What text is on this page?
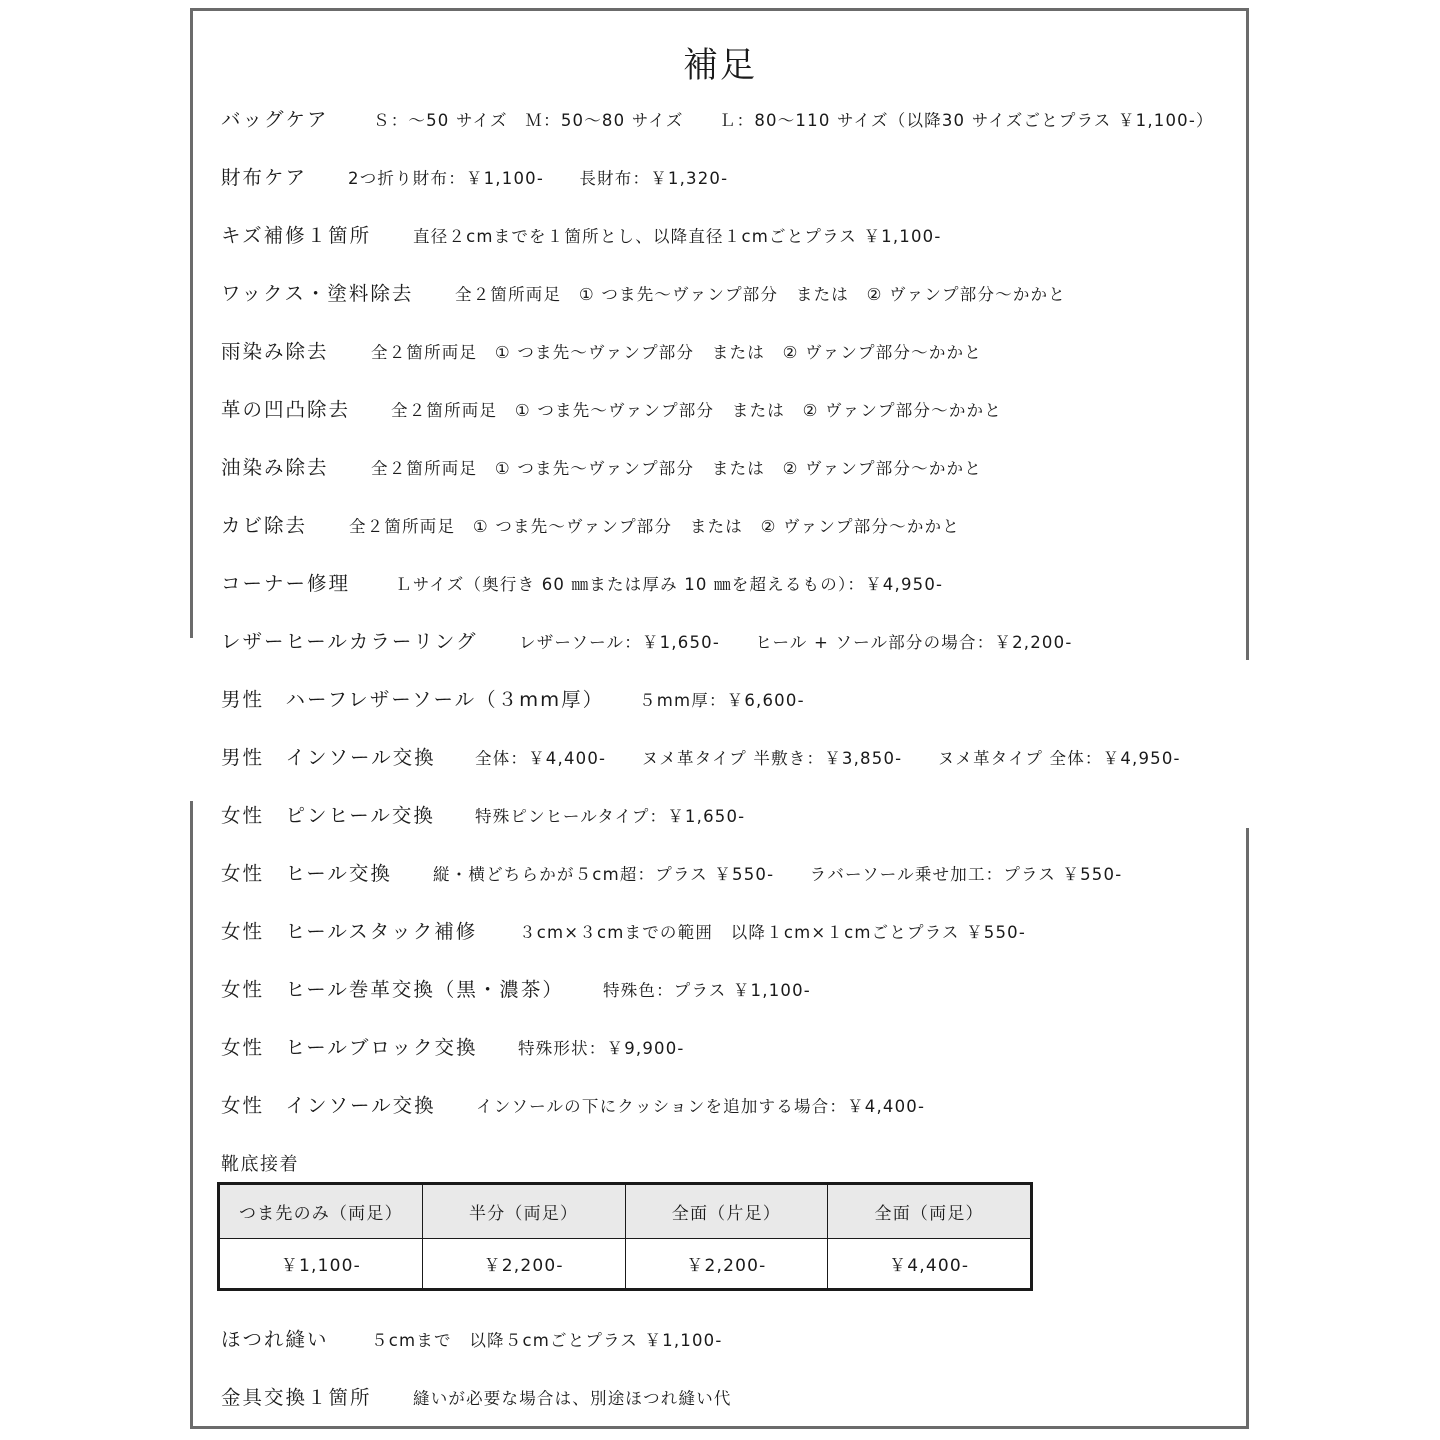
補足
バッグケア	Ｓ：～50 サイズ　Ｍ：50～80 サイズ　　Ｌ：80～110 サイズ（以降30 サイズごとプラス ￥1,100-）
財布ケア	2つ折り財布：￥1,100-　　長財布：￥1,320-
キズ補修１箇所	直径２cmまでを１箇所とし、以降直径１cmごとプラス ￥1,100-
ワックス・塗料除去	全２箇所両足　① つま先～ヴァンプ部分　または　② ヴァンプ部分～かかと
雨染み除去	全２箇所両足　① つま先～ヴァンプ部分　または　② ヴァンプ部分～かかと
革の凹凸除去	全２箇所両足　① つま先～ヴァンプ部分　または　② ヴァンプ部分～かかと
油染み除去	全２箇所両足　① つま先～ヴァンプ部分　または　② ヴァンプ部分～かかと
カビ除去	全２箇所両足　① つま先～ヴァンプ部分　または　② ヴァンプ部分～かかと
コーナー修理	Ｌサイズ（奥行き 60 ㎜または厚み 10 ㎜を超えるもの）：￥4,950-
レザーヒールカラーリング	レザーソール：￥1,650-　　ヒール + ソール部分の場合：￥2,200-
男性　ハーフレザーソール（３mm厚）	５mm厚：￥6,600-
男性　インソール交換	全体：￥4,400-　　ヌメ革タイプ 半敷き：￥3,850-　　ヌメ革タイプ 全体：￥4,950-
女性　ピンヒール交換	特殊ピンヒールタイプ：￥1,650-
女性　ヒール交換	縦・横どちらかが５cm超：プラス ￥550-　　ラバーソール乗せ加工：プラス ￥550-
女性　ヒールスタック補修	３cm×３cmまでの範囲　以降１cm×１cmごとプラス ￥550-
女性　ヒール巻革交換（黒・濃茶）	特殊色：プラス ￥1,100-
女性　ヒールブロック交換	特殊形状：￥9,900-
女性　インソール交換	インソールの下にクッションを追加する場合：￥4,400-
靴底接着
つま先のみ（両足）	半分（両足）	全面（片足）	全面（両足）
￥1,100-	￥2,200-	￥2,200-	￥4,400-
ほつれ縫い	５cmまで　以降５cmごとプラス ￥1,100-
金具交換１箇所	縫いが必要な場合は、別途ほつれ縫い代
